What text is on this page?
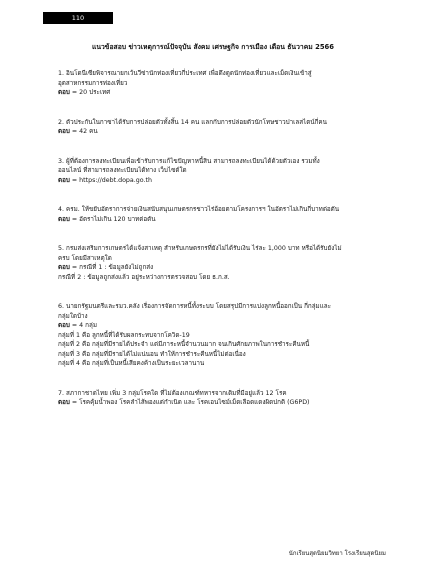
110
แนวข้อสอบ ข่าวเหตุการณ์ปัจจุบัน สังคม เศรษฐกิจ การเมือง เดือน ธันวาคม 2566

1. อินโดนีเซียพิจารณายกเว้นวีซ่านักท่องเที่ยวกี่ประเทศ เพื่อดึงดูดนักท่องเที่ยวและเม็ดเงินเข้าสู่

อุตสาหกรรมการท่องเที่ยว

ตอบ = 20 ประเทศ

2. ตัวประกันในกาซาได้รับการปล่อยตัวทั้งสิ้น 14 คน แลกกับการปล่อยตัวนักโทษชาวปาเลสไตน์กี่คน

ตอบ = 42 คน

3. ผู้ที่ต้องการลงทะเบียนเพื่อเข้ารับการแก้ไขปัญหาหนี้สิน สามารถลงทะเบียนได้ด้วยตัวเอง รวมทั้ง

ออนไลน์ ที่สามารถลงทะเบียนได้ทาง เว็บไซต์ใด

ตอบ = https://debt.dopa.go.th

4. ครม. ให้ขยับอัตราการจ่ายเงินสนับสนุนเกษตรกรชาวไร่อ้อยตามโครงการฯ ในอัตราไม่เกินกี่บาทต่อตัน

ตอบ = อัตราไม่เกิน 120 บาทต่อตัน

5. กรมส่งเสริมการเกษตรได้แจ้งสาเหตุ สำหรับเกษตรกรที่ยังไม่ได้รับเงิน ไร่ละ 1,000 บาท หรือได้รับยังไม่

ครบ โดยมีสาเหตุใด

ตอบ = กรณีที่ 1 : ข้อมูลยังไม่ถูกส่ง

กรณีที่ 2 : ข้อมูลถูกส่งแล้ว อยู่ระหว่างการตรวจสอบ โดย ธ.ก.ส.

6. นายกรัฐมนตรีและรมว.คลัง เรื่องการจัดการหนี้ทั้งระบบ โดยสรุปมีการแบ่งลูกหนี้ออกเป็น กี่กลุ่มและ

กลุ่มใดบ้าง

ตอบ = 4 กลุ่ม

กลุ่มที่ 1 คือ ลูกหนี้ที่ได้รับผลกระทบจากโควิด-19

กลุ่มที่ 2 คือ กลุ่มที่มีรายได้ประจำ แต่มีภาระหนี้จำนวนมาก จนเกินศักยภาพในการชำระคืนหนี้

กลุ่มที่ 3 คือ กลุ่มที่มีรายได้ไม่แน่นอน ทำให้การชำระคืนหนี้ไม่ต่อเนื่อง

กลุ่มที่ 4 คือ กลุ่มที่เป็นหนี้เสียคงค้างเป็นระยะเวลานาน

7. สภากาชาดไทย เพิ่ม 3 กลุ่มโรคใด ที่ไม่ต้องเกณฑ์ทหารจากเดิมที่มีอยู่แล้ว 12 โรค

ตอบ = โรคคุ้มน้ำพอง โรคลำไส้พองแต่กำเนิด และ โรคเอนไซม์เม็ดเลือดแดงผิดปกติ (G6PD)

นักเรียนสุดนิยมวิทยา โรงเรียนสุดนิยม
